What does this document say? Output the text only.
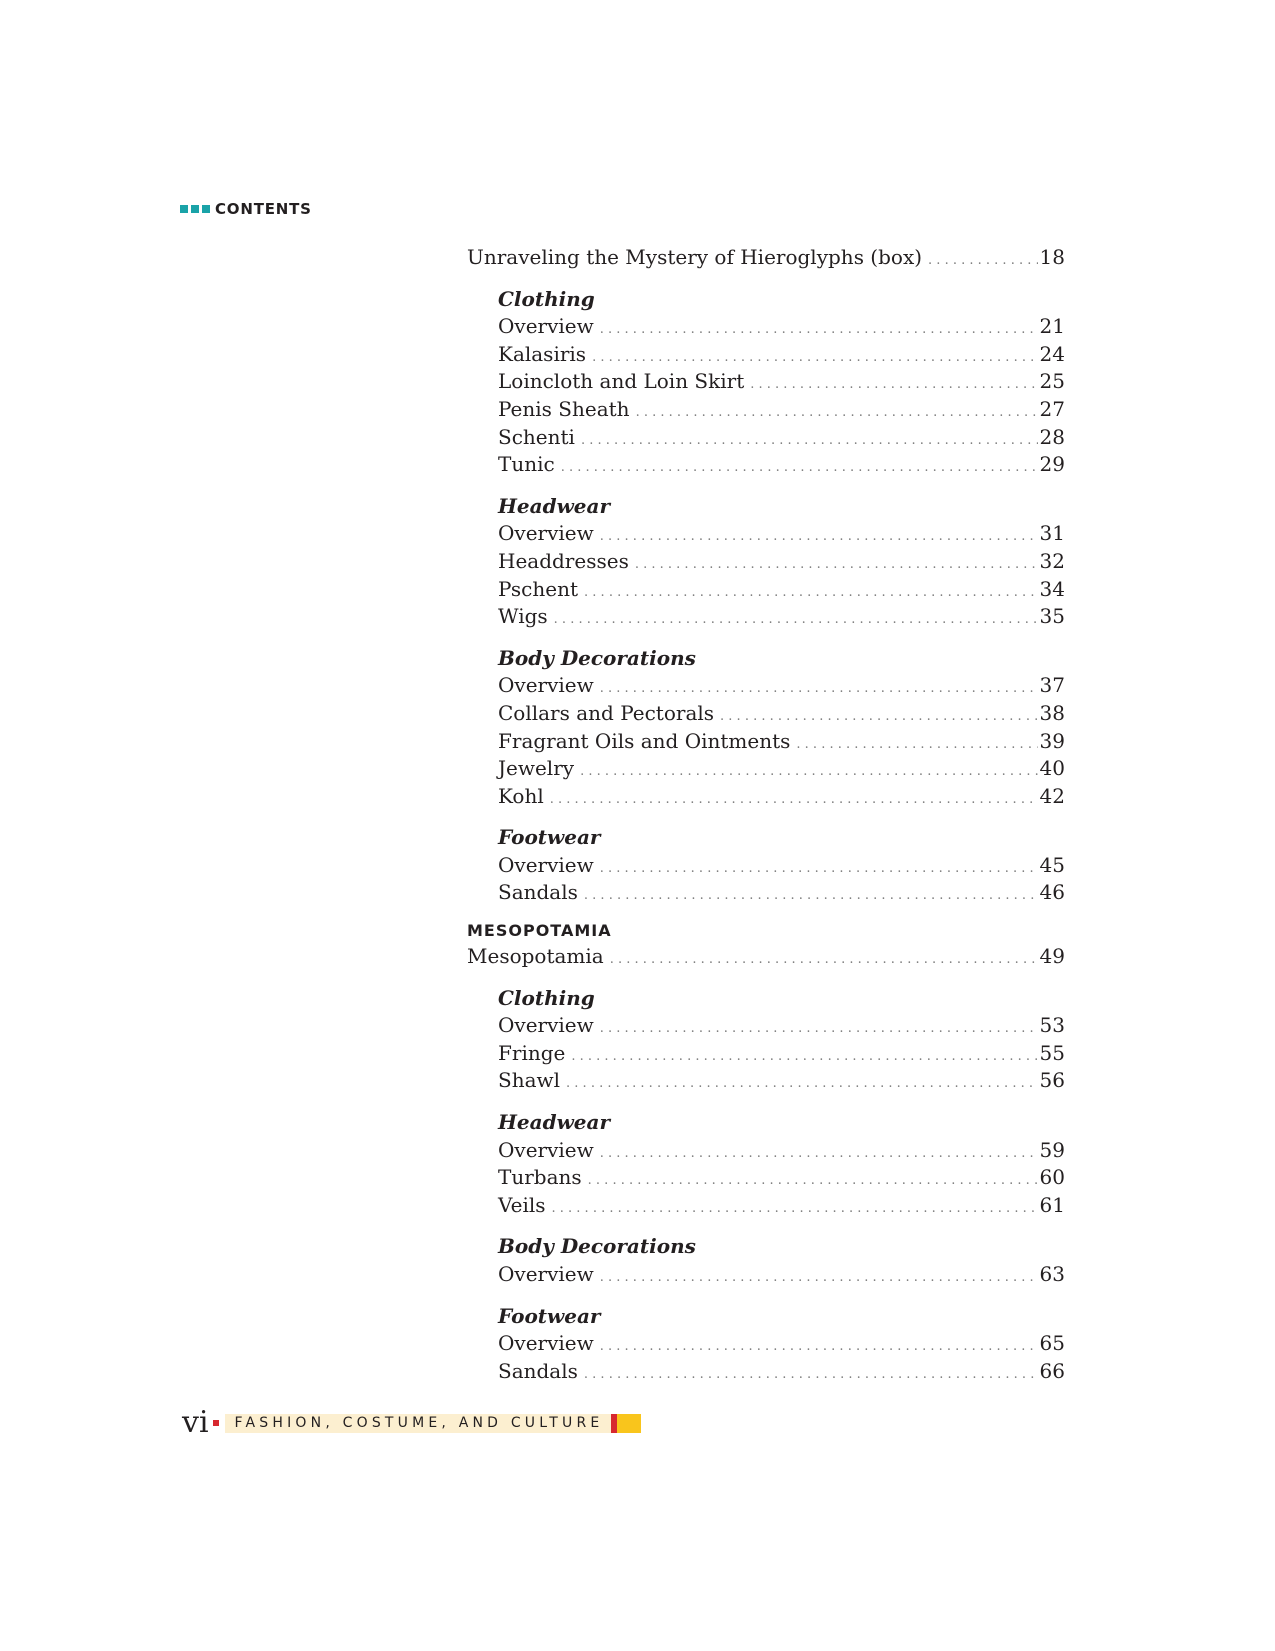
CONTENTS
Unraveling the Mystery of Hieroglyphs (box) . . .	18
Clothing
Overview . . .	21
Kalasiris . . .	24
Loincloth and Loin Skirt . . .	25
Penis Sheath . . .	27
Schenti . . .	28
Tunic . . .	29
Headwear
Overview . . .	31
Headdresses . . .	32
Pschent . . .	34
Wigs . . .	35
Body Decorations
Overview . . .	37
Collars and Pectorals . . .	38
Fragrant Oils and Ointments . . .	39
Jewelry . . .	40
Kohl . . .	42
Footwear
Overview . . .	45
Sandals . . .	46
MESOPOTAMIA
Mesopotamia . . .	49
Clothing
Overview . . .	53
Fringe . . .	55
Shawl . . .	56
Headwear
Overview . . .	59
Turbans . . .	60
Veils . . .	61
Body Decorations
Overview . . .	63
Footwear
Overview . . .	65
Sandals . . .	66
vi FASHION, COSTUME, AND CULTURE
